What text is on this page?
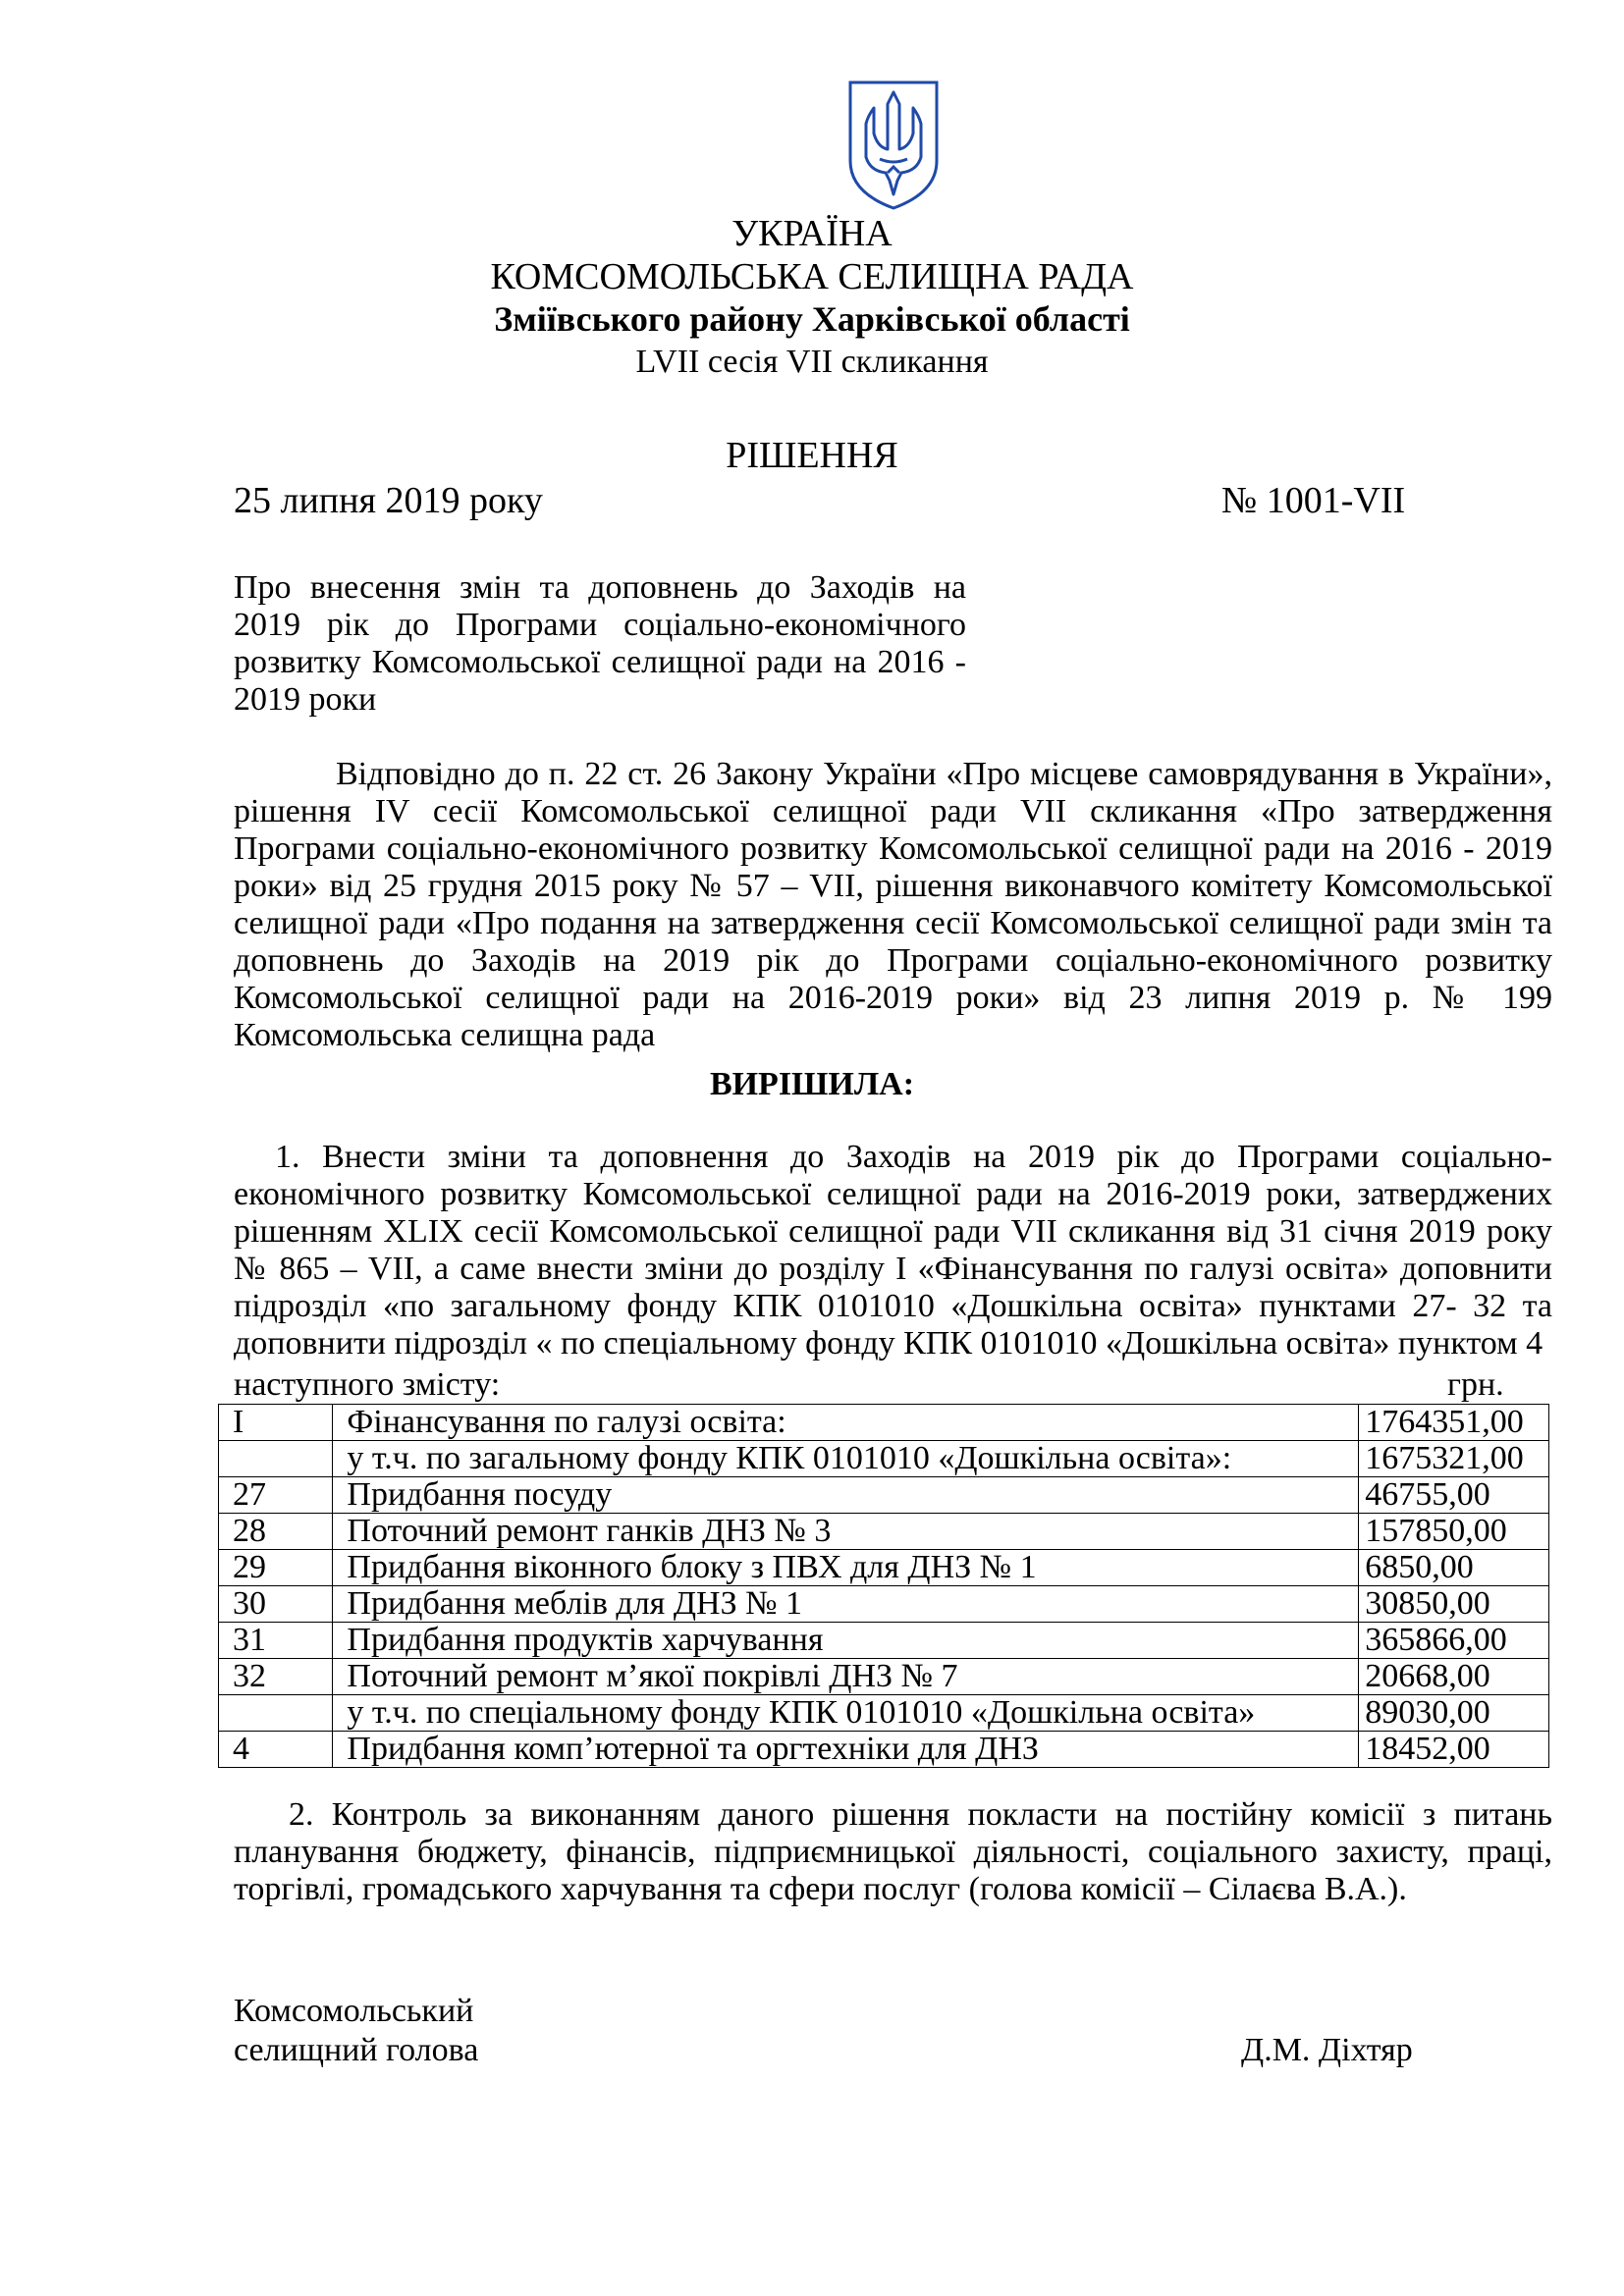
УКРАЇНА
КОМСОМОЛЬСЬКА СЕЛИЩНА РАДА
Зміївського району Харківської області
LVII сесія VII скликання
РІШЕННЯ
25 липня 2019 року	№ 1001-VII
Про внесення змін та доповнень до Заходів на 2019 рік до Програми соціально-економічного розвитку Комсомольської селищної ради на 2016 - 2019 роки
Відповідно до п. 22 ст. 26 Закону України «Про місцеве самоврядування в України», рішення IV сесії Комсомольської селищної ради VII скликання «Про затвердження Програми соціально-економічного розвитку Комсомольської селищної ради на 2016 - 2019 роки» від 25 грудня 2015 року № 57 – VII, рішення виконавчого комітету Комсомольської селищної ради «Про подання на затвердження сесії Комсомольської селищної ради змін та доповнень до Заходів на 2019 рік до Програми соціально-економічного розвитку Комсомольської селищної ради на 2016-2019 роки» від 23 липня 2019 р. № 199 Комсомольська селищна рада
ВИРІШИЛА:
1. Внести зміни та доповнення до Заходів на 2019 рік до Програми соціально-економічного розвитку Комсомольської селищної ради на 2016-2019 роки, затверджених рішенням XLIX сесії Комсомольської селищної ради VII скликання від 31 січня 2019 року № 865 – VII, а саме внести зміни до розділу I «Фінансування по галузі освіта» доповнити підрозділ «по загальному фонду КПК 0101010 «Дошкільна освіта» пунктами 27- 32 та доповнити підрозділ « по спеціальному фонду КПК 0101010 «Дошкільна освіта» пунктом 4
наступного змісту:	грн.
I	Фінансування по галузі освіта:	1764351,00
	у т.ч. по загальному фонду КПК 0101010 «Дошкільна освіта»:	1675321,00
27	Придбання посуду	46755,00
28	Поточний ремонт ганків ДНЗ № 3	157850,00
29	Придбання віконного блоку з ПВХ для ДНЗ № 1	6850,00
30	Придбання меблів для ДНЗ № 1	30850,00
31	Придбання продуктів харчування	365866,00
32	Поточний ремонт м’якої покрівлі ДНЗ № 7	20668,00
	у т.ч. по спеціальному фонду КПК 0101010 «Дошкільна освіта»	89030,00
4	Придбання комп’ютерної та оргтехніки для ДНЗ	18452,00
2. Контроль за виконанням даного рішення покласти на постійну комісії з питань планування бюджету, фінансів, підприємницької діяльності, соціального захисту, праці, торгівлі, громадського харчування та сфери послуг (голова комісії – Сілаєва В.А.).
Комсомольський
селищний голова	Д.М. Діхтяр
